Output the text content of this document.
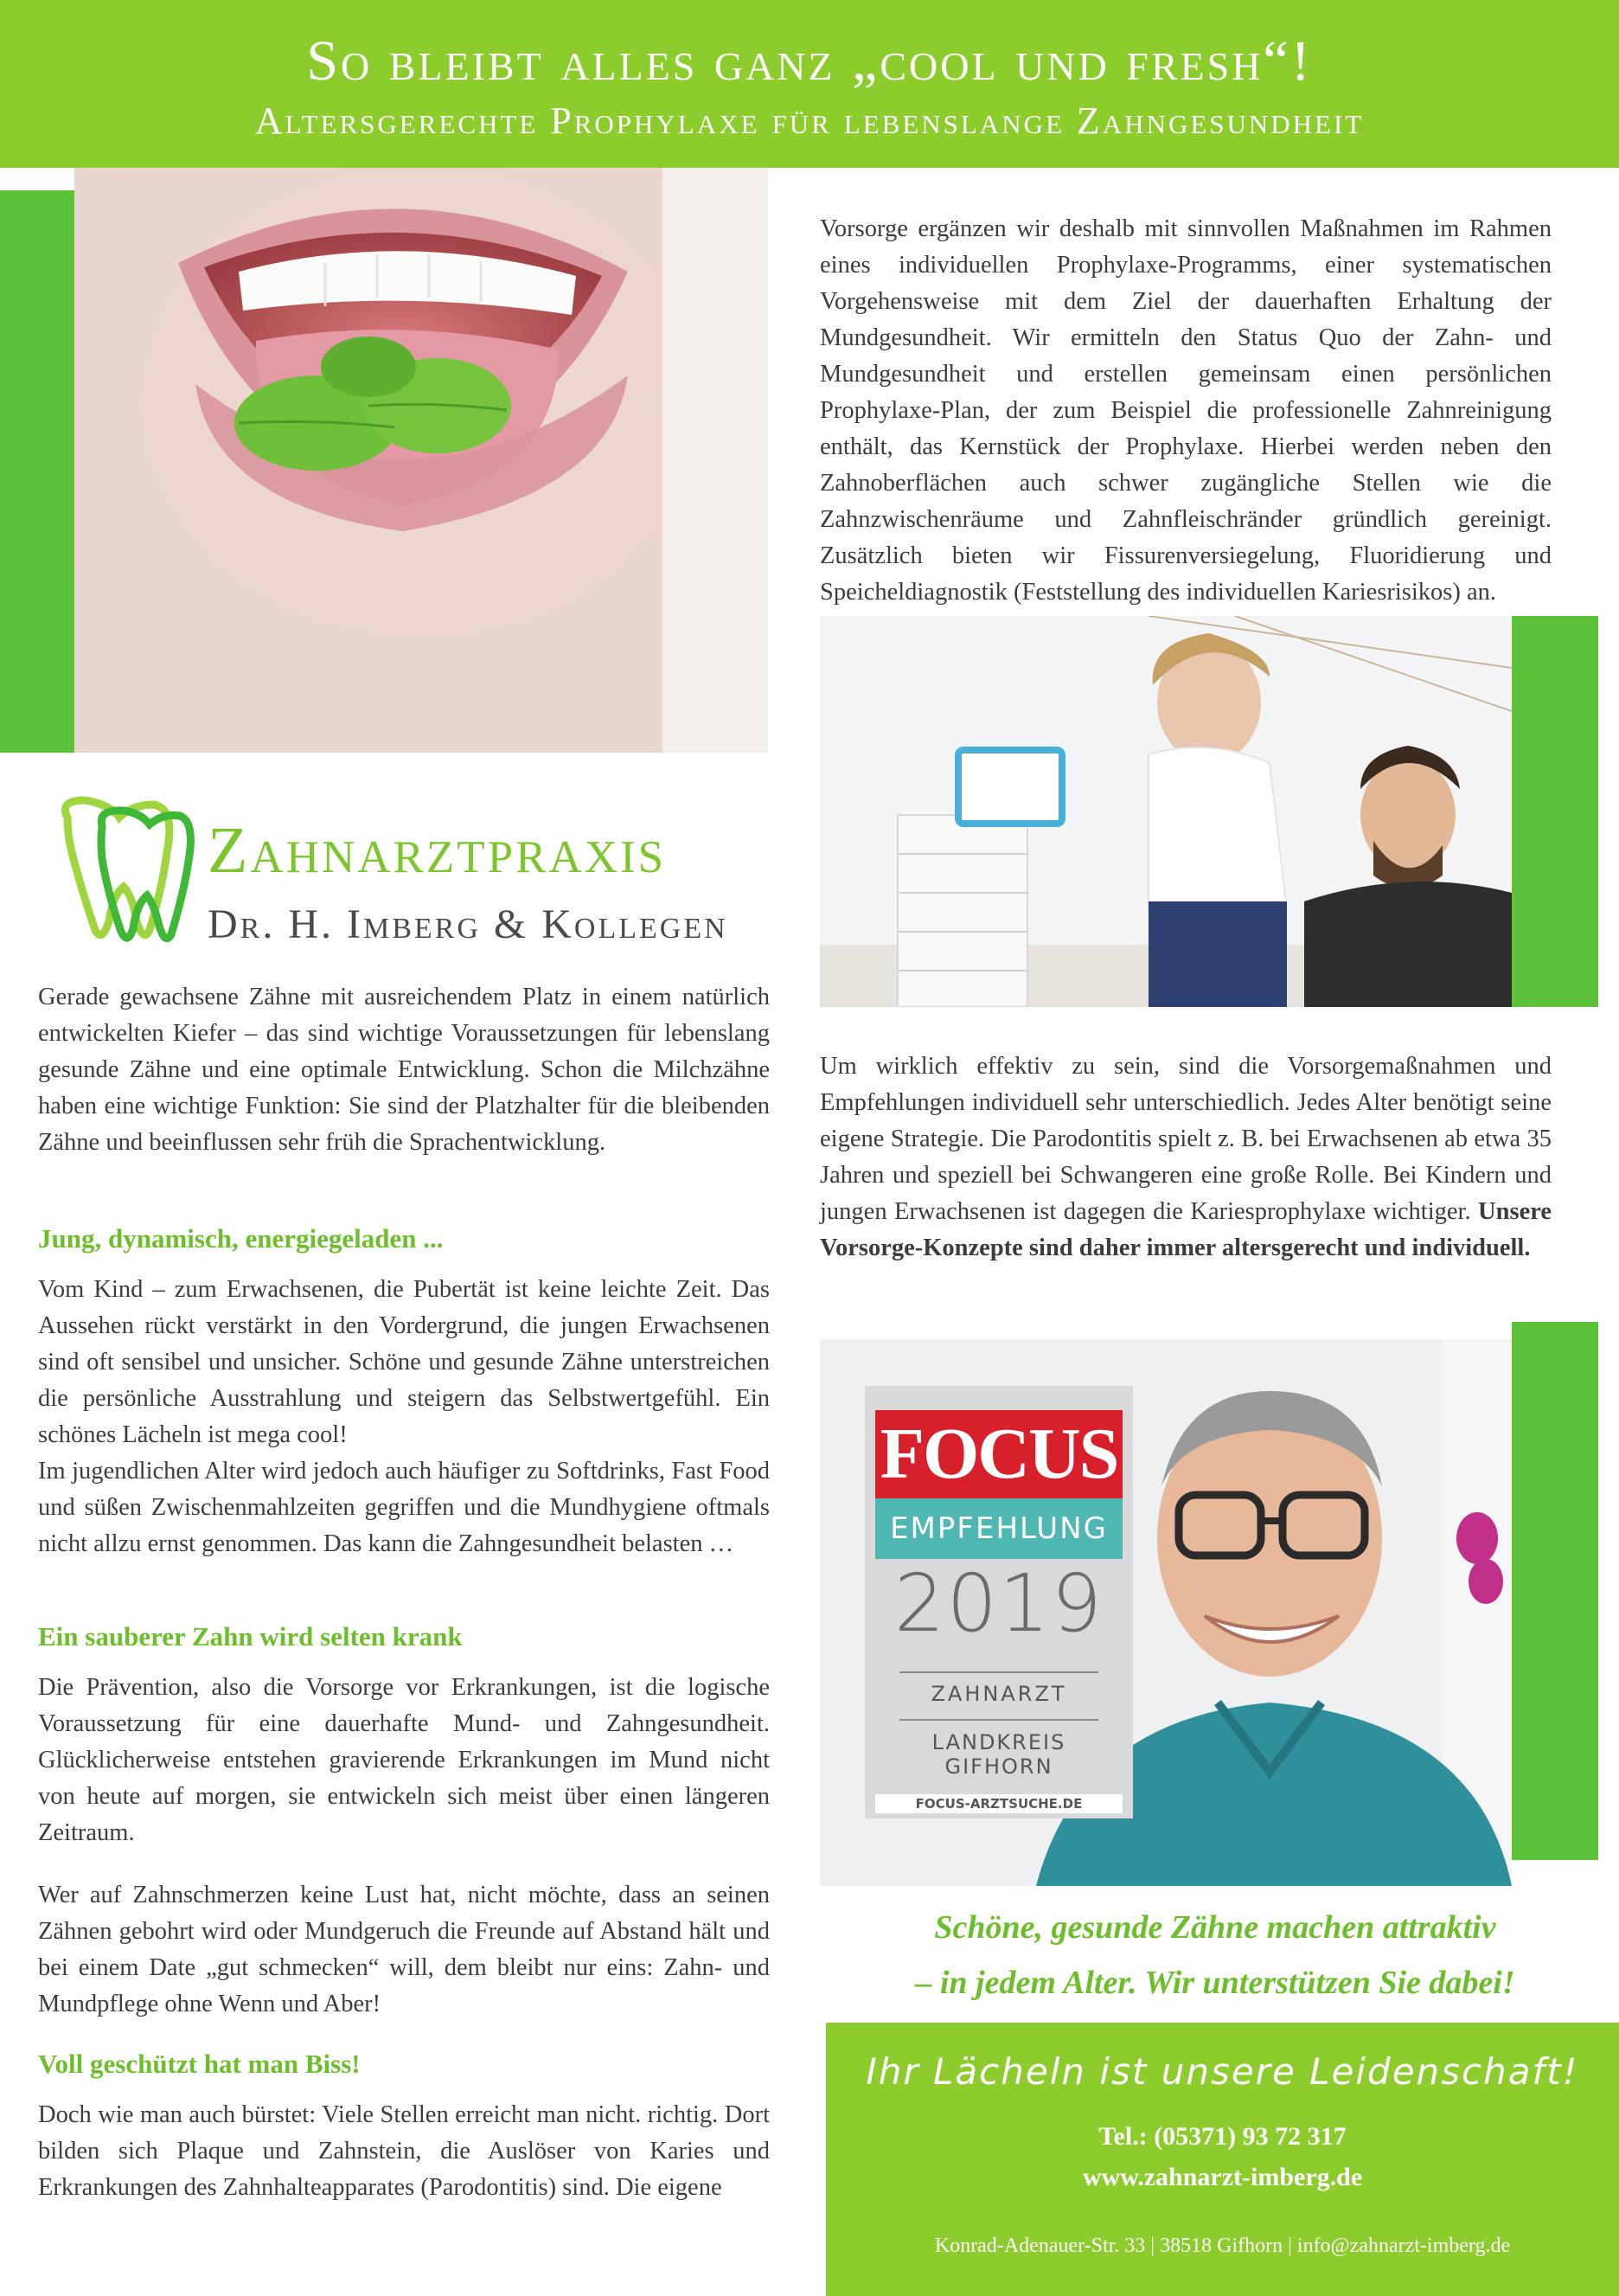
So bleibt alles ganz „cool und fresh“!
Altersgerechte Prophylaxe für lebenslange Zahngesundheit
Zahnarztpraxis
Dr. H. Imberg & Kollegen
Gerade gewachsene Zähne mit ausreichendem Platz in einem natürlich entwickelten Kiefer – das sind wichtige Voraussetzungen für lebenslang gesunde Zähne und eine optimale Entwicklung. Schon die Milchzähne haben eine wichtige Funktion: Sie sind der Platzhalter für die bleibenden Zähne und beeinflussen sehr früh die Sprachentwicklung.
Jung, dynamisch, energiegeladen ...
Vom Kind – zum Erwachsenen, die Pubertät ist keine leichte Zeit. Das Aussehen rückt verstärkt in den Vordergrund, die jungen Erwachsenen sind oft sensibel und unsicher. Schöne und gesunde Zähne unterstreichen die persönliche Ausstrahlung und steigern das Selbstwertgefühl. Ein schönes Lächeln ist mega cool!
Im jugendlichen Alter wird jedoch auch häufiger zu Softdrinks, Fast Food und süßen Zwischenmahlzeiten gegriffen und die Mundhygiene oftmals nicht allzu ernst genommen. Das kann die Zahngesundheit belasten …
Ein sauberer Zahn wird selten krank
Die Prävention, also die Vorsorge vor Erkrankungen, ist die logische Voraussetzung für eine dauerhafte Mund- und Zahngesundheit. Glücklicherweise entstehen gravierende Erkrankungen im Mund nicht von heute auf morgen, sie entwickeln sich meist über einen längeren Zeitraum.
Wer auf Zahnschmerzen keine Lust hat, nicht möchte, dass an seinen Zähnen gebohrt wird oder Mundgeruch die Freunde auf Abstand hält und bei einem Date „gut schmecken“ will, dem bleibt nur eins: Zahn- und Mundpflege ohne Wenn und Aber!
Voll geschützt hat man Biss!
Doch wie man auch bürstet: Viele Stellen erreicht man nicht. richtig. Dort bilden sich Plaque und Zahnstein, die Auslöser von Karies und Erkrankungen des Zahnhalteapparates (Parodontitis) sind. Die eigene
Vorsorge ergänzen wir deshalb mit sinnvollen Maßnahmen im Rahmen eines individuellen Prophylaxe-Programms, einer systematischen Vorgehensweise mit dem Ziel der dauerhaften Erhaltung der Mundgesundheit. Wir ermitteln den Status Quo der Zahn- und Mundgesundheit und erstellen gemeinsam einen persönlichen Prophylaxe-Plan, der zum Beispiel die professionelle Zahnreinigung enthält, das Kernstück der Prophylaxe. Hierbei werden neben den Zahnoberflächen auch schwer zugängliche Stellen wie die Zahnzwischenräume und Zahnfleischränder gründlich gereinigt. Zusätzlich bieten wir Fissurenversiegelung, Fluoridierung und Speicheldiagnostik (Feststellung des individuellen Kariesrisikos) an.
Um wirklich effektiv zu sein, sind die Vorsorgemaßnahmen und Empfehlungen individuell sehr unterschiedlich. Jedes Alter benötigt seine eigene Strategie. Die Parodontitis spielt z. B. bei Erwachsenen ab etwa 35 Jahren und speziell bei Schwangeren eine große Rolle. Bei Kindern und jungen Erwachsenen ist dagegen die Kariesprophylaxe wichtiger. Unsere Vorsorge-Konzepte sind daher immer altersgerecht und individuell.
FOCUS
EMPFEHLUNG
2019
ZAHNARZT
LANDKREIS
GIFHORN
FOCUS-ARZTSUCHE.DE
Schöne, gesunde Zähne machen attraktiv
– in jedem Alter. Wir unterstützen Sie dabei!
Ihr Lächeln ist unsere Leidenschaft!
Tel.: (05371) 93 72 317
www.zahnarzt-imberg.de
Konrad-Adenauer-Str. 33 | 38518 Gifhorn | info@zahnarzt-imberg.de
